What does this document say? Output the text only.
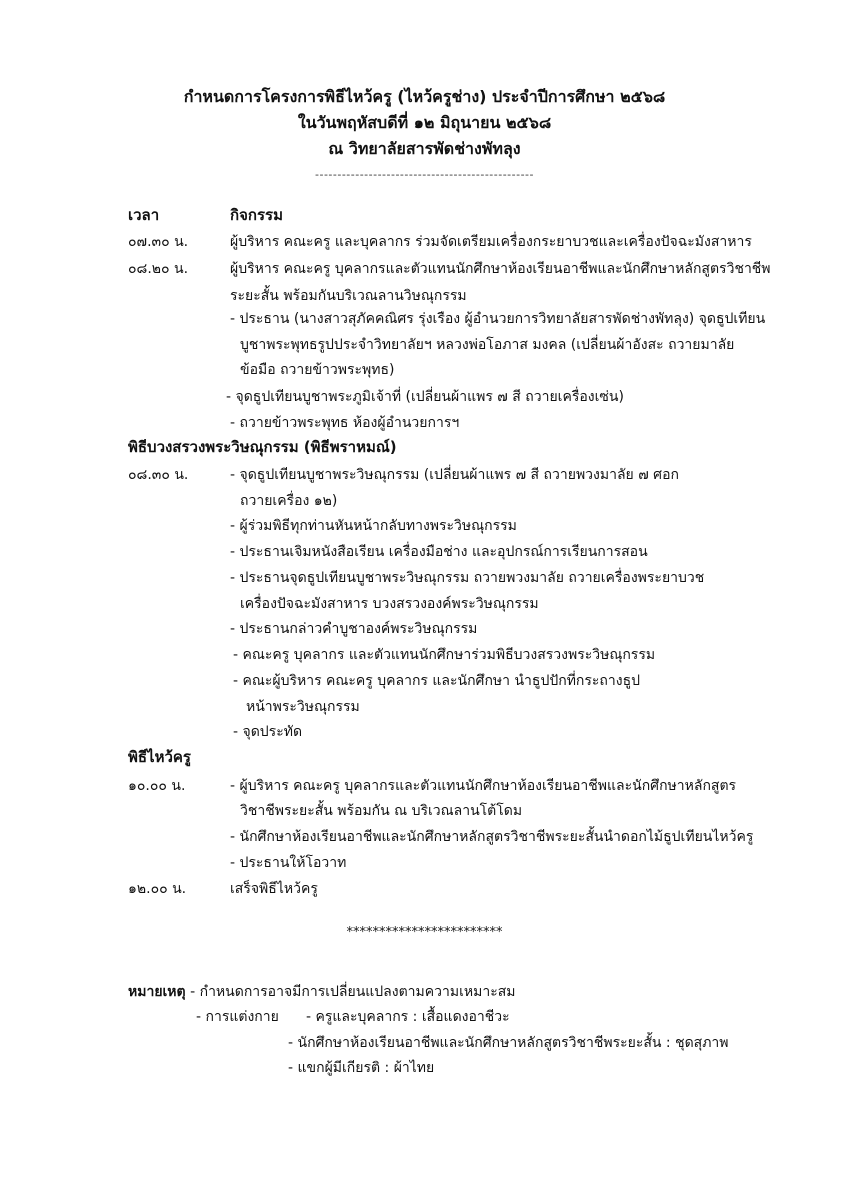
กำหนดการโครงการพิธีไหว้ครู (ไหว้ครูช่าง) ประจำปีการศึกษา ๒๕๖๘
ในวันพฤหัสบดีที่ ๑๒ มิถุนายน ๒๕๖๘
ณ วิทยาลัยสารพัดช่างพัทลุง
-------------------------------------------------
เวลา	กิจกรรม
๐๗.๓๐ น.	ผู้บริหาร คณะครู และบุคลากร ร่วมจัดเตรียมเครื่องกระยาบวชและเครื่องปัจฉะมังสาหาร
๐๘.๒๐ น.	ผู้บริหาร คณะครู บุคลากรและตัวแทนนักศึกษาห้องเรียนอาชีพและนักศึกษาหลักสูตรวิชาชีพ
ระยะสั้น พร้อมกันบริเวณลานวิษณุกรรม
- ประธาน (นางสาวสุภัคคณิศร รุ่งเรือง ผู้อำนวยการวิทยาลัยสารพัดช่างพัทลุง) จุดธูปเทียน
บูชาพระพุทธรูปประจำวิทยาลัยฯ หลวงพ่อโอภาส มงคล (เปลี่ยนผ้าอังสะ ถวายมาลัย
ข้อมือ ถวายข้าวพระพุทธ)
- จุดธูปเทียนบูชาพระภูมิเจ้าที่ (เปลี่ยนผ้าแพร ๗ สี ถวายเครื่องเซ่น)
- ถวายข้าวพระพุทธ ห้องผู้อำนวยการฯ
พิธีบวงสรวงพระวิษณุกรรม (พิธีพราหมณ์)
๐๘.๓๐ น.	- จุดธูปเทียนบูชาพระวิษณุกรรม (เปลี่ยนผ้าแพร ๗ สี ถวายพวงมาลัย ๗ ศอก
ถวายเครื่อง ๑๒)
- ผู้ร่วมพิธีทุกท่านหันหน้ากลับทางพระวิษณุกรรม
- ประธานเจิมหนังสือเรียน เครื่องมือช่าง และอุปกรณ์การเรียนการสอน
- ประธานจุดธูปเทียนบูชาพระวิษณุกรรม ถวายพวงมาลัย ถวายเครื่องพระยาบวช
เครื่องปัจฉะมังสาหาร บวงสรวงองค์พระวิษณุกรรม
- ประธานกล่าวคำบูชาองค์พระวิษณุกรรม
- คณะครู บุคลากร และตัวแทนนักศึกษาร่วมพิธีบวงสรวงพระวิษณุกรรม
- คณะผู้บริหาร คณะครู บุคลากร และนักศึกษา นำธูปปักที่กระถางธูป
หน้าพระวิษณุกรรม
- จุดประทัด
พิธีไหว้ครู
๑๐.๐๐ น.	- ผู้บริหาร คณะครู บุคลากรและตัวแทนนักศึกษาห้องเรียนอาชีพและนักศึกษาหลักสูตร
วิชาชีพระยะสั้น พร้อมกัน ณ บริเวณลานโต้โดม
- นักศึกษาห้องเรียนอาชีพและนักศึกษาหลักสูตรวิชาชีพระยะสั้นนำดอกไม้ธูปเทียนไหว้ครู
- ประธานให้โอวาท
๑๒.๐๐ น.	เสร็จพิธีไหว้ครู
************************
หมายเหตุ - กำหนดการอาจมีการเปลี่ยนแปลงตามความเหมาะสม
- การแต่งกาย - ครูและบุคลากร : เสื้อแดงอาชีวะ
- นักศึกษาห้องเรียนอาชีพและนักศึกษาหลักสูตรวิชาชีพระยะสั้น : ชุดสุภาพ
- แขกผู้มีเกียรติ : ผ้าไทย
